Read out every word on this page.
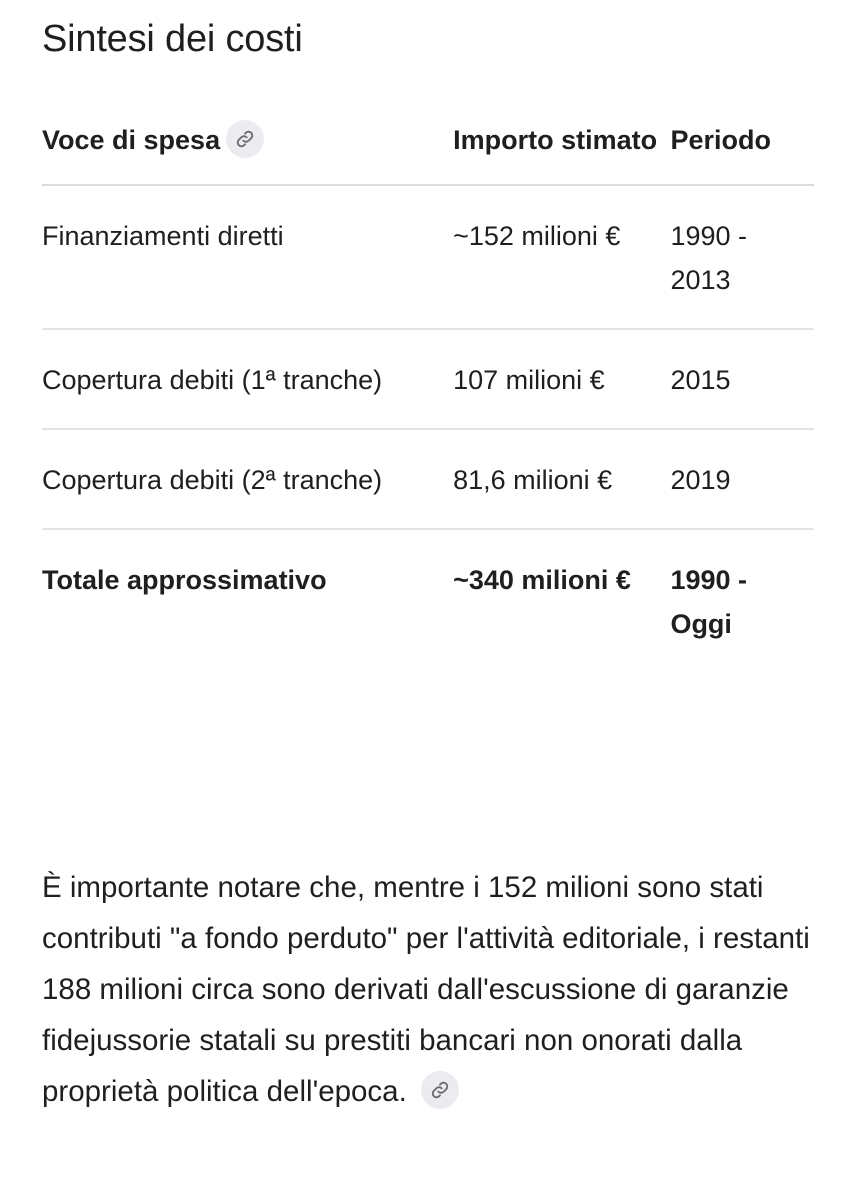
Sintesi dei costi
Voce di spesa	Importo stimato	Periodo
Finanziamenti diretti	~152 milioni €	1990 - 2013
Copertura debiti (1ª tranche)	107 milioni €	2015
Copertura debiti (2ª tranche)	81,6 milioni €	2019
Totale approssimativo	~340 milioni €	1990 - Oggi

È importante notare che, mentre i 152 milioni sono stati contributi "a fondo perduto" per l'attività editoriale, i restanti 188 milioni circa sono derivati dall'escussione di garanzie fidejussorie statali su prestiti bancari non onorati dalla proprietà politica dell'epoca.
